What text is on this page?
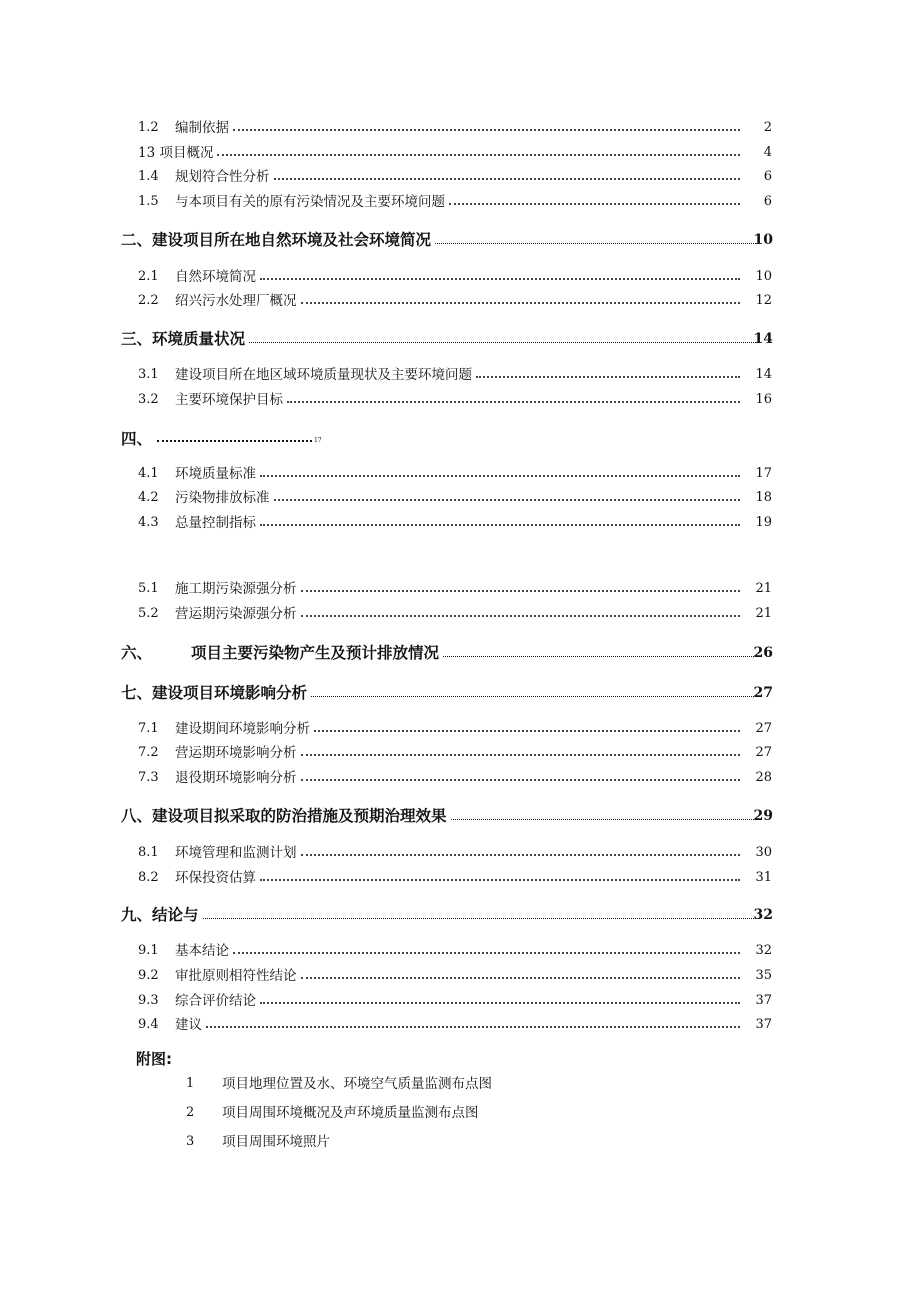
1.2 编制依据	2
13 项目概况	4
1.4 规划符合性分析	6
1.5 与本项目有关的原有污染情况及主要环境问题	6
二、建设项目所在地自然环境及社会环境简况	10
2.1 自然环境简况	10
2.2 绍兴污水处理厂概况	12
三、环境质量状况	14
3.1 建设项目所在地区域环境质量现状及主要环境问题	14
3.2 主要环境保护目标	16
四、	17
4.1 环境质量标准	17
4.2 污染物排放标准	18
4.3 总量控制指标	19
5.1 施工期污染源强分析	21
5.2 营运期污染源强分析	21
六、	项目主要污染物产生及预计排放情况	26
七、建设项目环境影响分析	27
7.1 建设期间环境影响分析	27
7.2 营运期环境影响分析	27
7.3 退役期环境影响分析	28
八、建设项目拟采取的防治措施及预期治理效果	29
8.1 环境管理和监测计划	30
8.2 环保投资估算	31
九、结论与	32
9.1 基本结论	32
9.2 审批原则相符性结论	35
9.3 综合评价结论	37
9.4 建议	37
附图:
1 项目地理位置及水、环境空气质量监测布点图
2 项目周围环境概况及声环境质量监测布点图
3 项目周围环境照片
